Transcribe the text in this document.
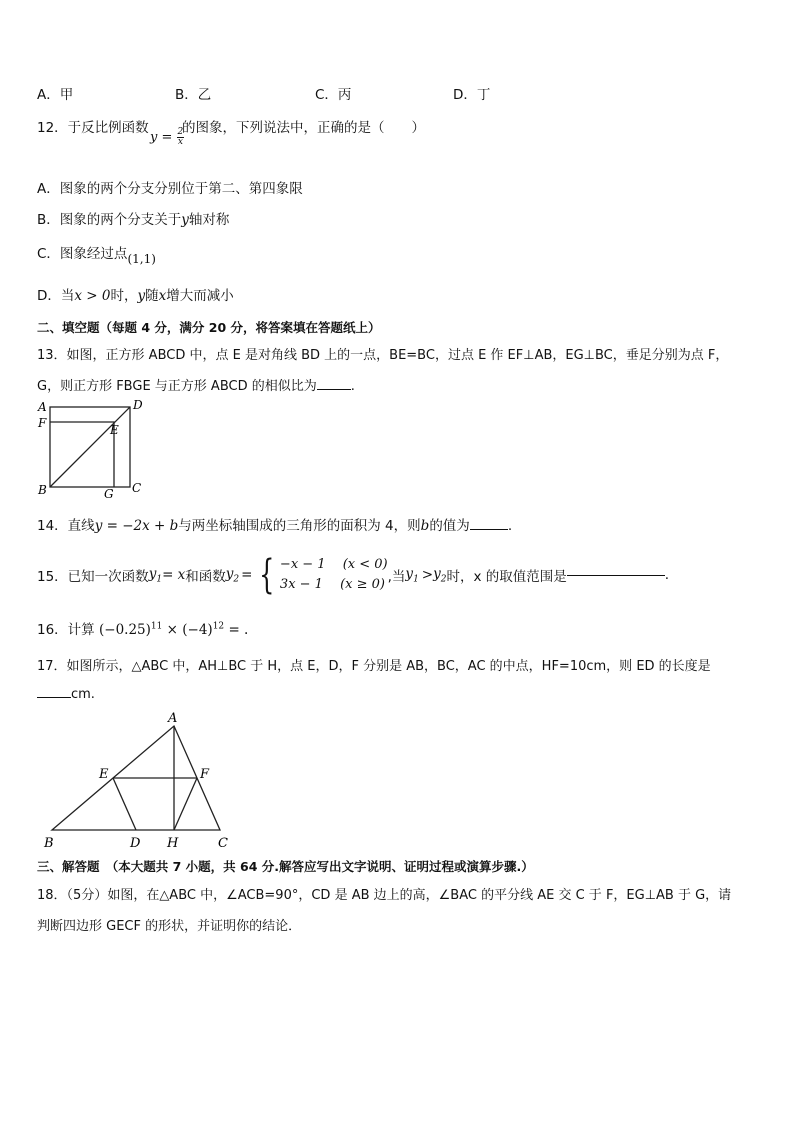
A．甲	B．乙	C．丙	D．丁
12．于反比例函数
$y = \frac{2}{x}$
的图象，下列说法中，正确的是（　　）
A．图象的两个分支分别位于第二、第四象限
B．图象的两个分支关于y轴对称
C．图象经过点(1,1)
D．当x > 0时，y随x增大而减小
二、填空题（每题 4 分，满分 20 分，将答案填在答题纸上）
13．如图，正方形 ABCD 中，点 E 是对角线 BD 上的一点，BE=BC，过点 E 作 EF⊥AB，EG⊥BC，垂足分别为点 F，
G，则正方形 FBGE 与正方形 ABCD 的相似比为	.
A	D
F	E
B	G C
14．直线y = −2x + b与两坐标轴围成的三角形的面积为 4，则b的值为	.
15．已知一次函数 $y_1 = x$ 和函数 $y_2$ = { −x − 1　 (x < 0)
3x − 1　 (x ≥ 0) ,当 $y_1 > y_2$ 时，x 的取值范围是	.
16．计算 $(-0.25)^{11} \times (-4)^{12}$ = .
17．如图所示，△ABC 中，AH⊥BC 于 H，点 E，D，F 分别是 AB，BC，AC 的中点，HF=10cm，则 ED 的长度是
cm.
A
E	F
B	D H	C
三、解答题　（本大题共 7 小题，共 64 分.解答应写出文字说明、证明过程或演算步骤.）
18．（5分）如图，在△ABC 中，∠ACB=90°，CD 是 AB 边上的高，∠BAC 的平分线 AE 交 C 于 F，EG⊥AB 于 G，请
判断四边形 GECF 的形状，并证明你的结论．
